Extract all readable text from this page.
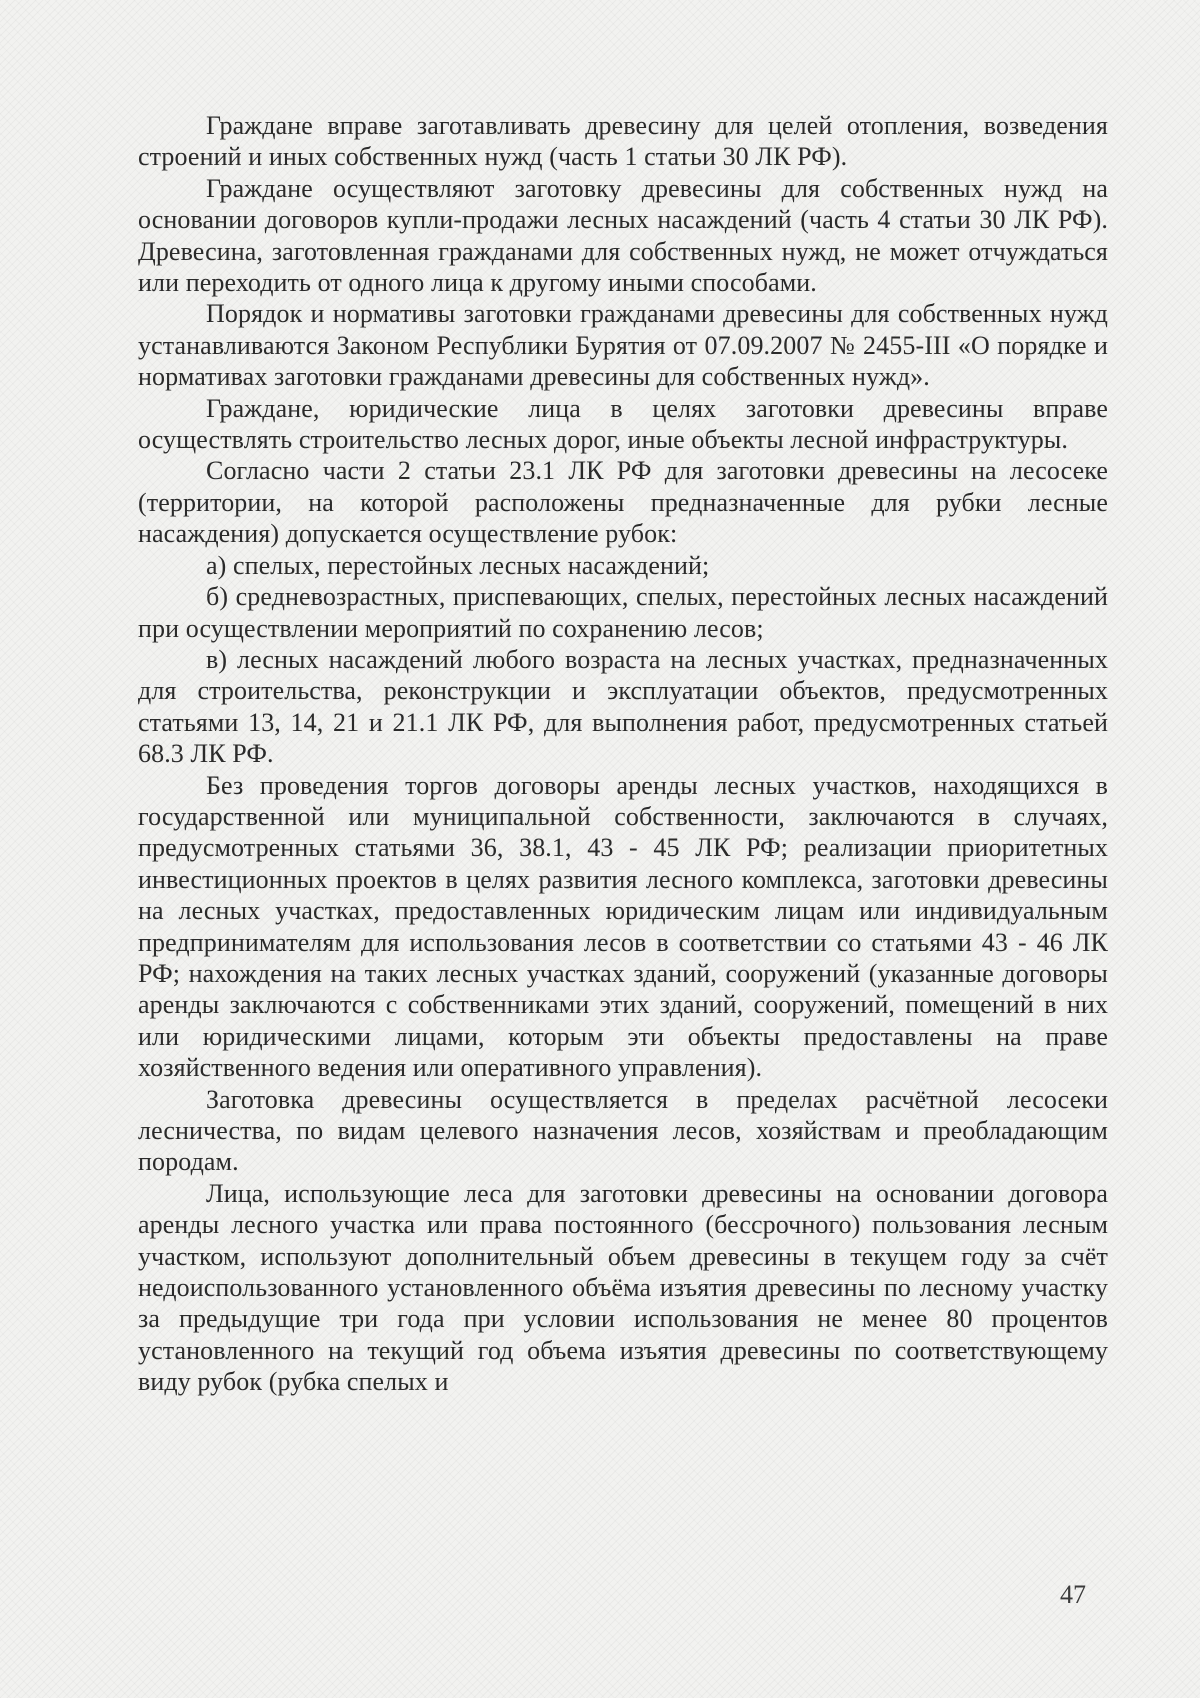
Граждане вправе заготавливать древесину для целей отопления, возведения строений и иных собственных нужд (часть 1 статьи 30 ЛК РФ).

Граждане осуществляют заготовку древесины для собственных нужд на основании договоров купли-продажи лесных насаждений (часть 4 статьи 30 ЛК РФ). Древесина, заготовленная гражданами для собственных нужд, не может отчуждаться или переходить от одного лица к другому иными способами.

Порядок и нормативы заготовки гражданами древесины для собственных нужд устанавливаются Законом Республики Бурятия от 07.09.2007 № 2455-III «О порядке и нормативах заготовки гражданами древесины для собственных нужд».

Граждане, юридические лица в целях заготовки древесины вправе осуществлять строительство лесных дорог, иные объекты лесной инфраструктуры.

Согласно части 2 статьи 23.1 ЛК РФ для заготовки древесины на лесосеке (территории, на которой расположены предназначенные для рубки лесные насаждения) допускается осуществление рубок:

а) спелых, перестойных лесных насаждений;

б) средневозрастных, приспевающих, спелых, перестойных лесных насаждений при осуществлении мероприятий по сохранению лесов;

в) лесных насаждений любого возраста на лесных участках, предназначенных для строительства, реконструкции и эксплуатации объектов, предусмотренных статьями 13, 14, 21 и 21.1 ЛК РФ, для выполнения работ, предусмотренных статьей 68.3 ЛК РФ.

Без проведения торгов договоры аренды лесных участков, находящихся в государственной или муниципальной собственности, заключаются в случаях, предусмотренных статьями 36, 38.1, 43 - 45 ЛК РФ; реализации приоритетных инвестиционных проектов в целях развития лесного комплекса, заготовки древесины на лесных участках, предоставленных юридическим лицам или индивидуальным предпринимателям для использования лесов в соответствии со статьями 43 - 46 ЛК РФ; нахождения на таких лесных участках зданий, сооружений (указанные договоры аренды заключаются с собственниками этих зданий, сооружений, помещений в них или юридическими лицами, которым эти объекты предоставлены на праве хозяйственного ведения или оперативного управления).

Заготовка древесины осуществляется в пределах расчётной лесосеки лесничества, по видам целевого назначения лесов, хозяйствам и преобладающим породам.

Лица, использующие леса для заготовки древесины на основании договора аренды лесного участка или права постоянного (бессрочного) пользования лесным участком, используют дополнительный объем древесины в текущем году за счёт недоиспользованного установленного объёма изъятия древесины по лесному участку за предыдущие три года при условии использования не менее 80 процентов установленного на текущий год объема изъятия древесины по соответствующему виду рубок (рубка спелых и

47
